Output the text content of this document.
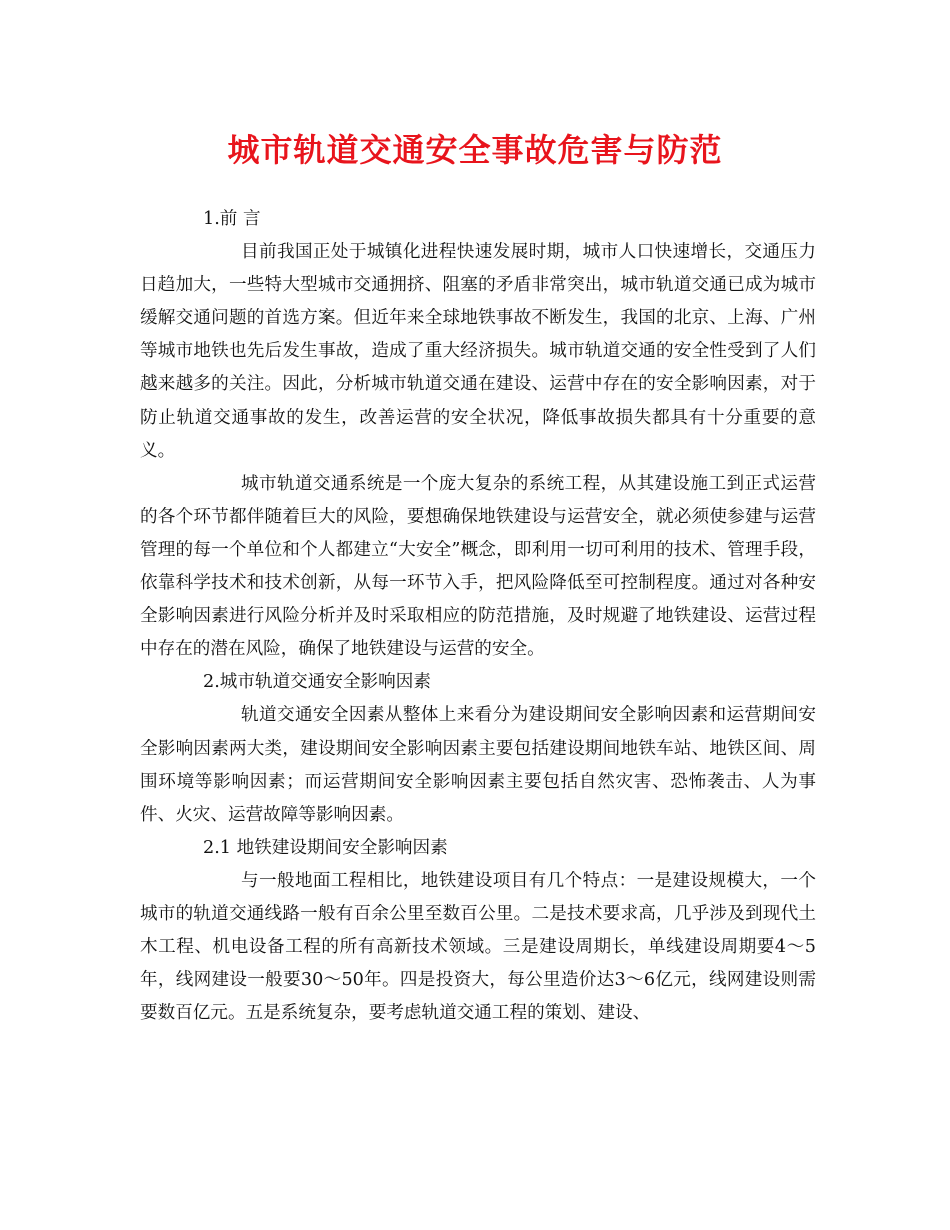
城市轨道交通安全事故危害与防范

1.前 言

目前我国正处于城镇化进程快速发展时期，城市人口快速增长，交通压力日趋加大，一些特大型城市交通拥挤、阻塞的矛盾非常突出，城市轨道交通已成为城市缓解交通问题的首选方案。但近年来全球地铁事故不断发生，我国的北京、上海、广州等城市地铁也先后发生事故，造成了重大经济损失。城市轨道交通的安全性受到了人们越来越多的关注。因此，分析城市轨道交通在建设、运营中存在的安全影响因素，对于防止轨道交通事故的发生，改善运营的安全状况，降低事故损失都具有十分重要的意义。

城市轨道交通系统是一个庞大复杂的系统工程，从其建设施工到正式运营的各个环节都伴随着巨大的风险，要想确保地铁建设与运营安全，就必须使参建与运营管理的每一个单位和个人都建立“大安全”概念，即利用一切可利用的技术、管理手段，依靠科学技术和技术创新，从每一环节入手，把风险降低至可控制程度。通过对各种安全影响因素进行风险分析并及时采取相应的防范措施，及时规避了地铁建设、运营过程中存在的潜在风险，确保了地铁建设与运营的安全。

2.城市轨道交通安全影响因素

轨道交通安全因素从整体上来看分为建设期间安全影响因素和运营期间安全影响因素两大类，建设期间安全影响因素主要包括建设期间地铁车站、地铁区间、周围环境等影响因素；而运营期间安全影响因素主要包括自然灾害、恐怖袭击、人为事件、火灾、运营故障等影响因素。

2.1 地铁建设期间安全影响因素

与一般地面工程相比，地铁建设项目有几个特点：一是建设规模大，一个城市的轨道交通线路一般有百余公里至数百公里。二是技术要求高，几乎涉及到现代土木工程、机电设备工程的所有高新技术领域。三是建设周期长，单线建设周期要4～5年，线网建设一般要30～50年。四是投资大，每公里造价达3～6亿元，线网建设则需要数百亿元。五是系统复杂，要考虑轨道交通工程的策划、建设、
